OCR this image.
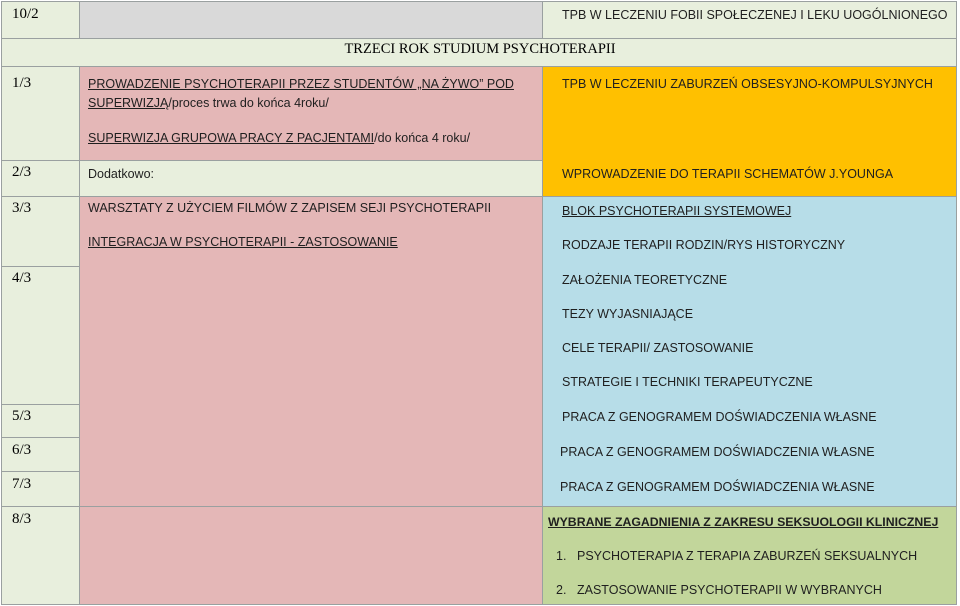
10/2
1/3
2/3
3/3
4/3
5/3
6/3
7/3
8/3
TPB W LECZENIU FOBII SPOŁECZENEJ I LEKU UOGÓLNIONEGO
TRZECI ROK STUDIUM PSYCHOTERAPII
PROWADZENIE PSYCHOTERAPII PRZEZ STUDENTÓW „NA ŻYWO” POD SUPERWIZJĄ/proces trwa do końca 4roku/
TPB W LECZENIU ZABURZEŃ OBSESYJNO-KOMPULSYJNYCH
SUPERWIZJA GRUPOWA PRACY Z PACJENTAMI/do końca 4 roku/
Dodatkowo:	WPROWADZENIE DO TERAPII SCHEMATÓW J.YOUNGA
WARSZTATY Z UŻYCIEM FILMÓW Z ZAPISEM SEJI PSYCHOTERAPII
INTEGRACJA W PSYCHOTERAPII - ZASTOSOWANIE
BLOK PSYCHOTERAPII SYSTEMOWEJ
RODZAJE TERAPII RODZIN/RYS HISTORYCZNY
ZAŁOŻENIA TEORETYCZNE
TEZY WYJASNIAJĄCE
CELE TERAPII/ ZASTOSOWANIE
STRATEGIE I TECHNIKI TERAPEUTYCZNE
PRACA Z GENOGRAMEM DOŚWIADCZENIA WŁASNE
PRACA Z GENOGRAMEM DOŚWIADCZENIA WŁASNE
PRACA Z GENOGRAMEM DOŚWIADCZENIA WŁASNE
WYBRANE ZAGADNIENIA Z ZAKRESU SEKSUOLOGII KLINICZNEJ
1. PSYCHOTERAPIA Z TERAPIA ZABURZEŃ SEKSUALNYCH
2. ZASTOSOWANIE PSYCHOTERAPII W WYBRANYCH
